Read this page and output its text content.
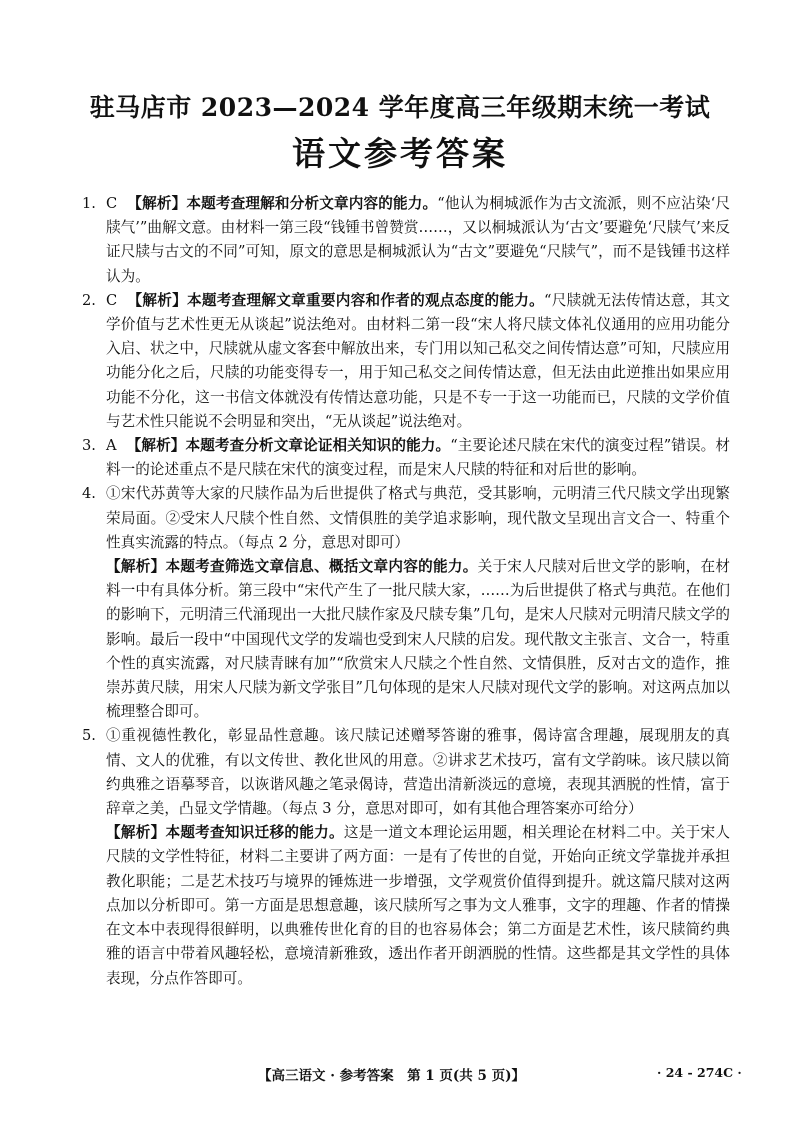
驻马店市 2023—2024 学年度高三年级期末统一考试
语文参考答案
1. C 【解析】本题考查理解和分析文章内容的能力。“他认为桐城派作为古文流派，则不应沾染‘尺牍气’”曲解文意。由材料一第三段“钱锺书曾赞赏……，又以桐城派认为‘古文’要避免‘尺牍气’来反证尺牍与古文的不同”可知，原文的意思是桐城派认为“古文”要避免“尺牍气”，而不是钱锺书这样认为。
2. C 【解析】本题考查理解文章重要内容和作者的观点态度的能力。“尺牍就无法传情达意，其文学价值与艺术性更无从谈起”说法绝对。由材料二第一段“宋人将尺牍文体礼仪通用的应用功能分入启、状之中，尺牍就从虚文客套中解放出来，专门用以知己私交之间传情达意”可知，尺牍应用功能分化之后，尺牍的功能变得专一，用于知己私交之间传情达意，但无法由此逆推出如果应用功能不分化，这一书信文体就没有传情达意功能，只是不专一于这一功能而已，尺牍的文学价值与艺术性只能说不会明显和突出，“无从谈起”说法绝对。
3. A 【解析】本题考查分析文章论证相关知识的能力。“主要论述尺牍在宋代的演变过程”错误。材料一的论述重点不是尺牍在宋代的演变过程，而是宋人尺牍的特征和对后世的影响。
4. ①宋代苏黄等大家的尺牍作品为后世提供了格式与典范，受其影响，元明清三代尺牍文学出现繁荣局面。②受宋人尺牍个性自然、文情俱胜的美学追求影响，现代散文呈现出言文合一、特重个性真实流露的特点。（每点 2 分，意思对即可）
【解析】本题考查筛选文章信息、概括文章内容的能力。关于宋人尺牍对后世文学的影响，在材料一中有具体分析。第三段中“宋代产生了一批尺牍大家，……为后世提供了格式与典范。在他们的影响下，元明清三代涌现出一大批尺牍作家及尺牍专集”几句，是宋人尺牍对元明清尺牍文学的影响。最后一段中“中国现代文学的发端也受到宋人尺牍的启发。现代散文主张言、文合一，特重个性的真实流露，对尺牍青睐有加”“欣赏宋人尺牍之个性自然、文情俱胜，反对古文的造作，推崇苏黄尺牍，用宋人尺牍为新文学张目”几句体现的是宋人尺牍对现代文学的影响。对这两点加以梳理整合即可。
5. ①重视德性教化，彰显品性意趣。该尺牍记述赠琴答谢的雅事，偈诗富含理趣，展现朋友的真情、文人的优雅，有以文传世、教化世风的用意。②讲求艺术技巧，富有文学韵味。该尺牍以简约典雅之语摹琴音，以诙谐风趣之笔录偈诗，营造出清新淡远的意境，表现其洒脱的性情，富于辞章之美，凸显文学情趣。（每点 3 分，意思对即可，如有其他合理答案亦可给分）
【解析】本题考查知识迁移的能力。这是一道文本理论运用题，相关理论在材料二中。关于宋人尺牍的文学性特征，材料二主要讲了两方面：一是有了传世的自觉，开始向正统文学靠拢并承担教化职能；二是艺术技巧与境界的锤炼进一步增强，文学观赏价值得到提升。就这篇尺牍对这两点加以分析即可。第一方面是思想意趣，该尺牍所写之事为文人雅事，文字的理趣、作者的情操在文本中表现得很鲜明，以典雅传世化育的目的也容易体会；第二方面是艺术性，该尺牍简约典雅的语言中带着风趣轻松，意境清新雅致，透出作者开朗洒脱的性情。这些都是其文学性的具体表现，分点作答即可。
【高三语文 · 参考答案　第 1 页(共 5 页)】	· 24 - 274C ·
